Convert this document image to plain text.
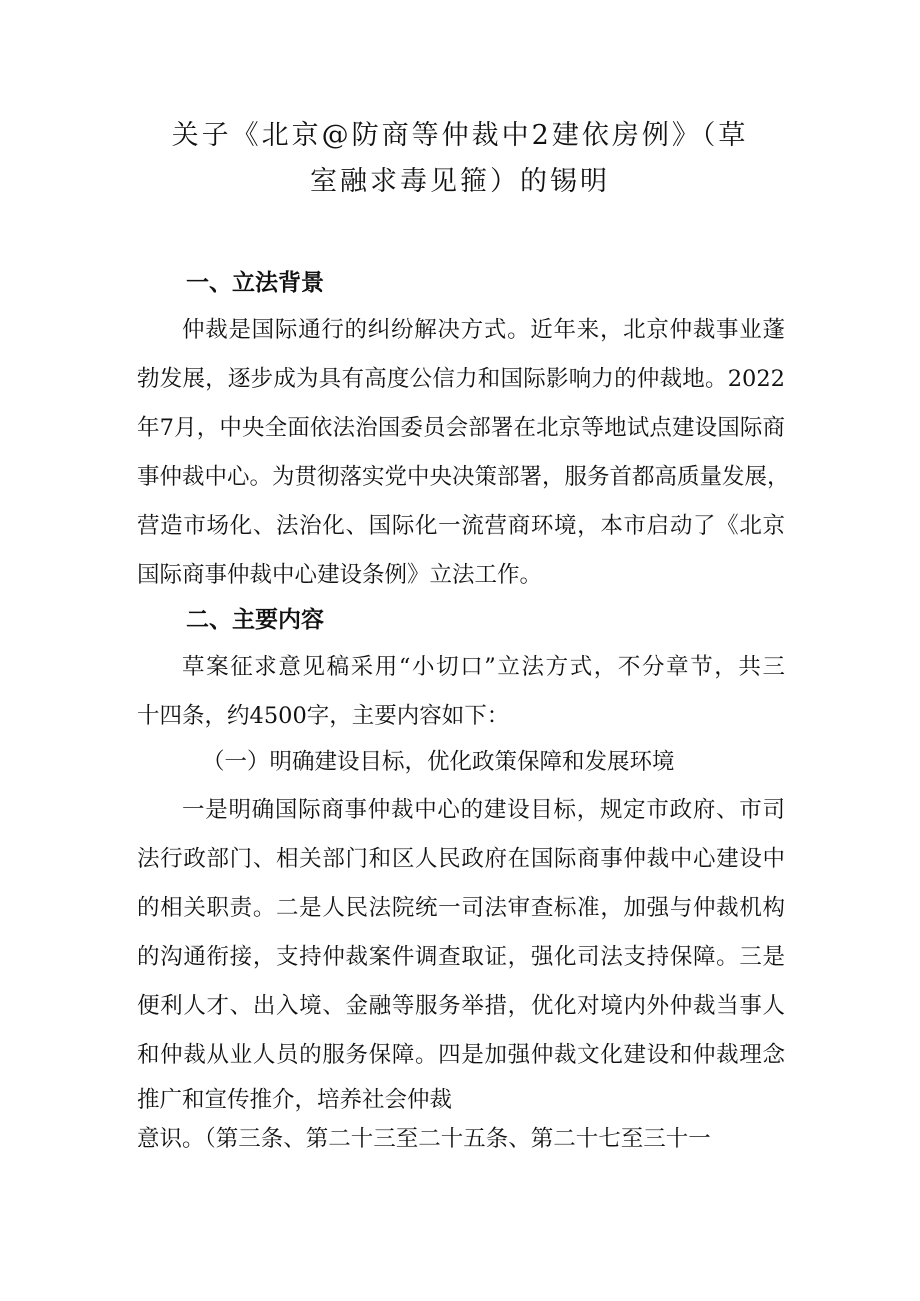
关子《北京@防商等仲裁中2建依房例》（草
室融求毒见箍）的锡明
一、立法背景
仲裁是国际通行的纠纷解决方式。近年来，北京仲裁事业蓬
勃发展，逐步成为具有高度公信力和国际影响力的仲裁地。2022
年7月，中央全面依法治国委员会部署在北京等地试点建设国际商
事仲裁中心。为贯彻落实党中央决策部署，服务首都高质量发展，
营造市场化、法治化、国际化一流营商环境，本市启动了《北京
国际商事仲裁中心建设条例》立法工作。
二、主要内容
草案征求意见稿采用“小切口”立法方式，不分章节，共三
十四条，约4500字，主要内容如下：
（一）明确建设目标，优化政策保障和发展环境
一是明确国际商事仲裁中心的建设目标，规定市政府、市司
法行政部门、相关部门和区人民政府在国际商事仲裁中心建设中
的相关职责。二是人民法院统一司法审查标准，加强与仲裁机构
的沟通衔接，支持仲裁案件调查取证，强化司法支持保障。三是
便利人才、出入境、金融等服务举措，优化对境内外仲裁当事人
和仲裁从业人员的服务保障。四是加强仲裁文化建设和仲裁理念
推广和宣传推介，培养社会仲裁
意识。（第三条、第二十三至二十五条、第二十七至三十一
